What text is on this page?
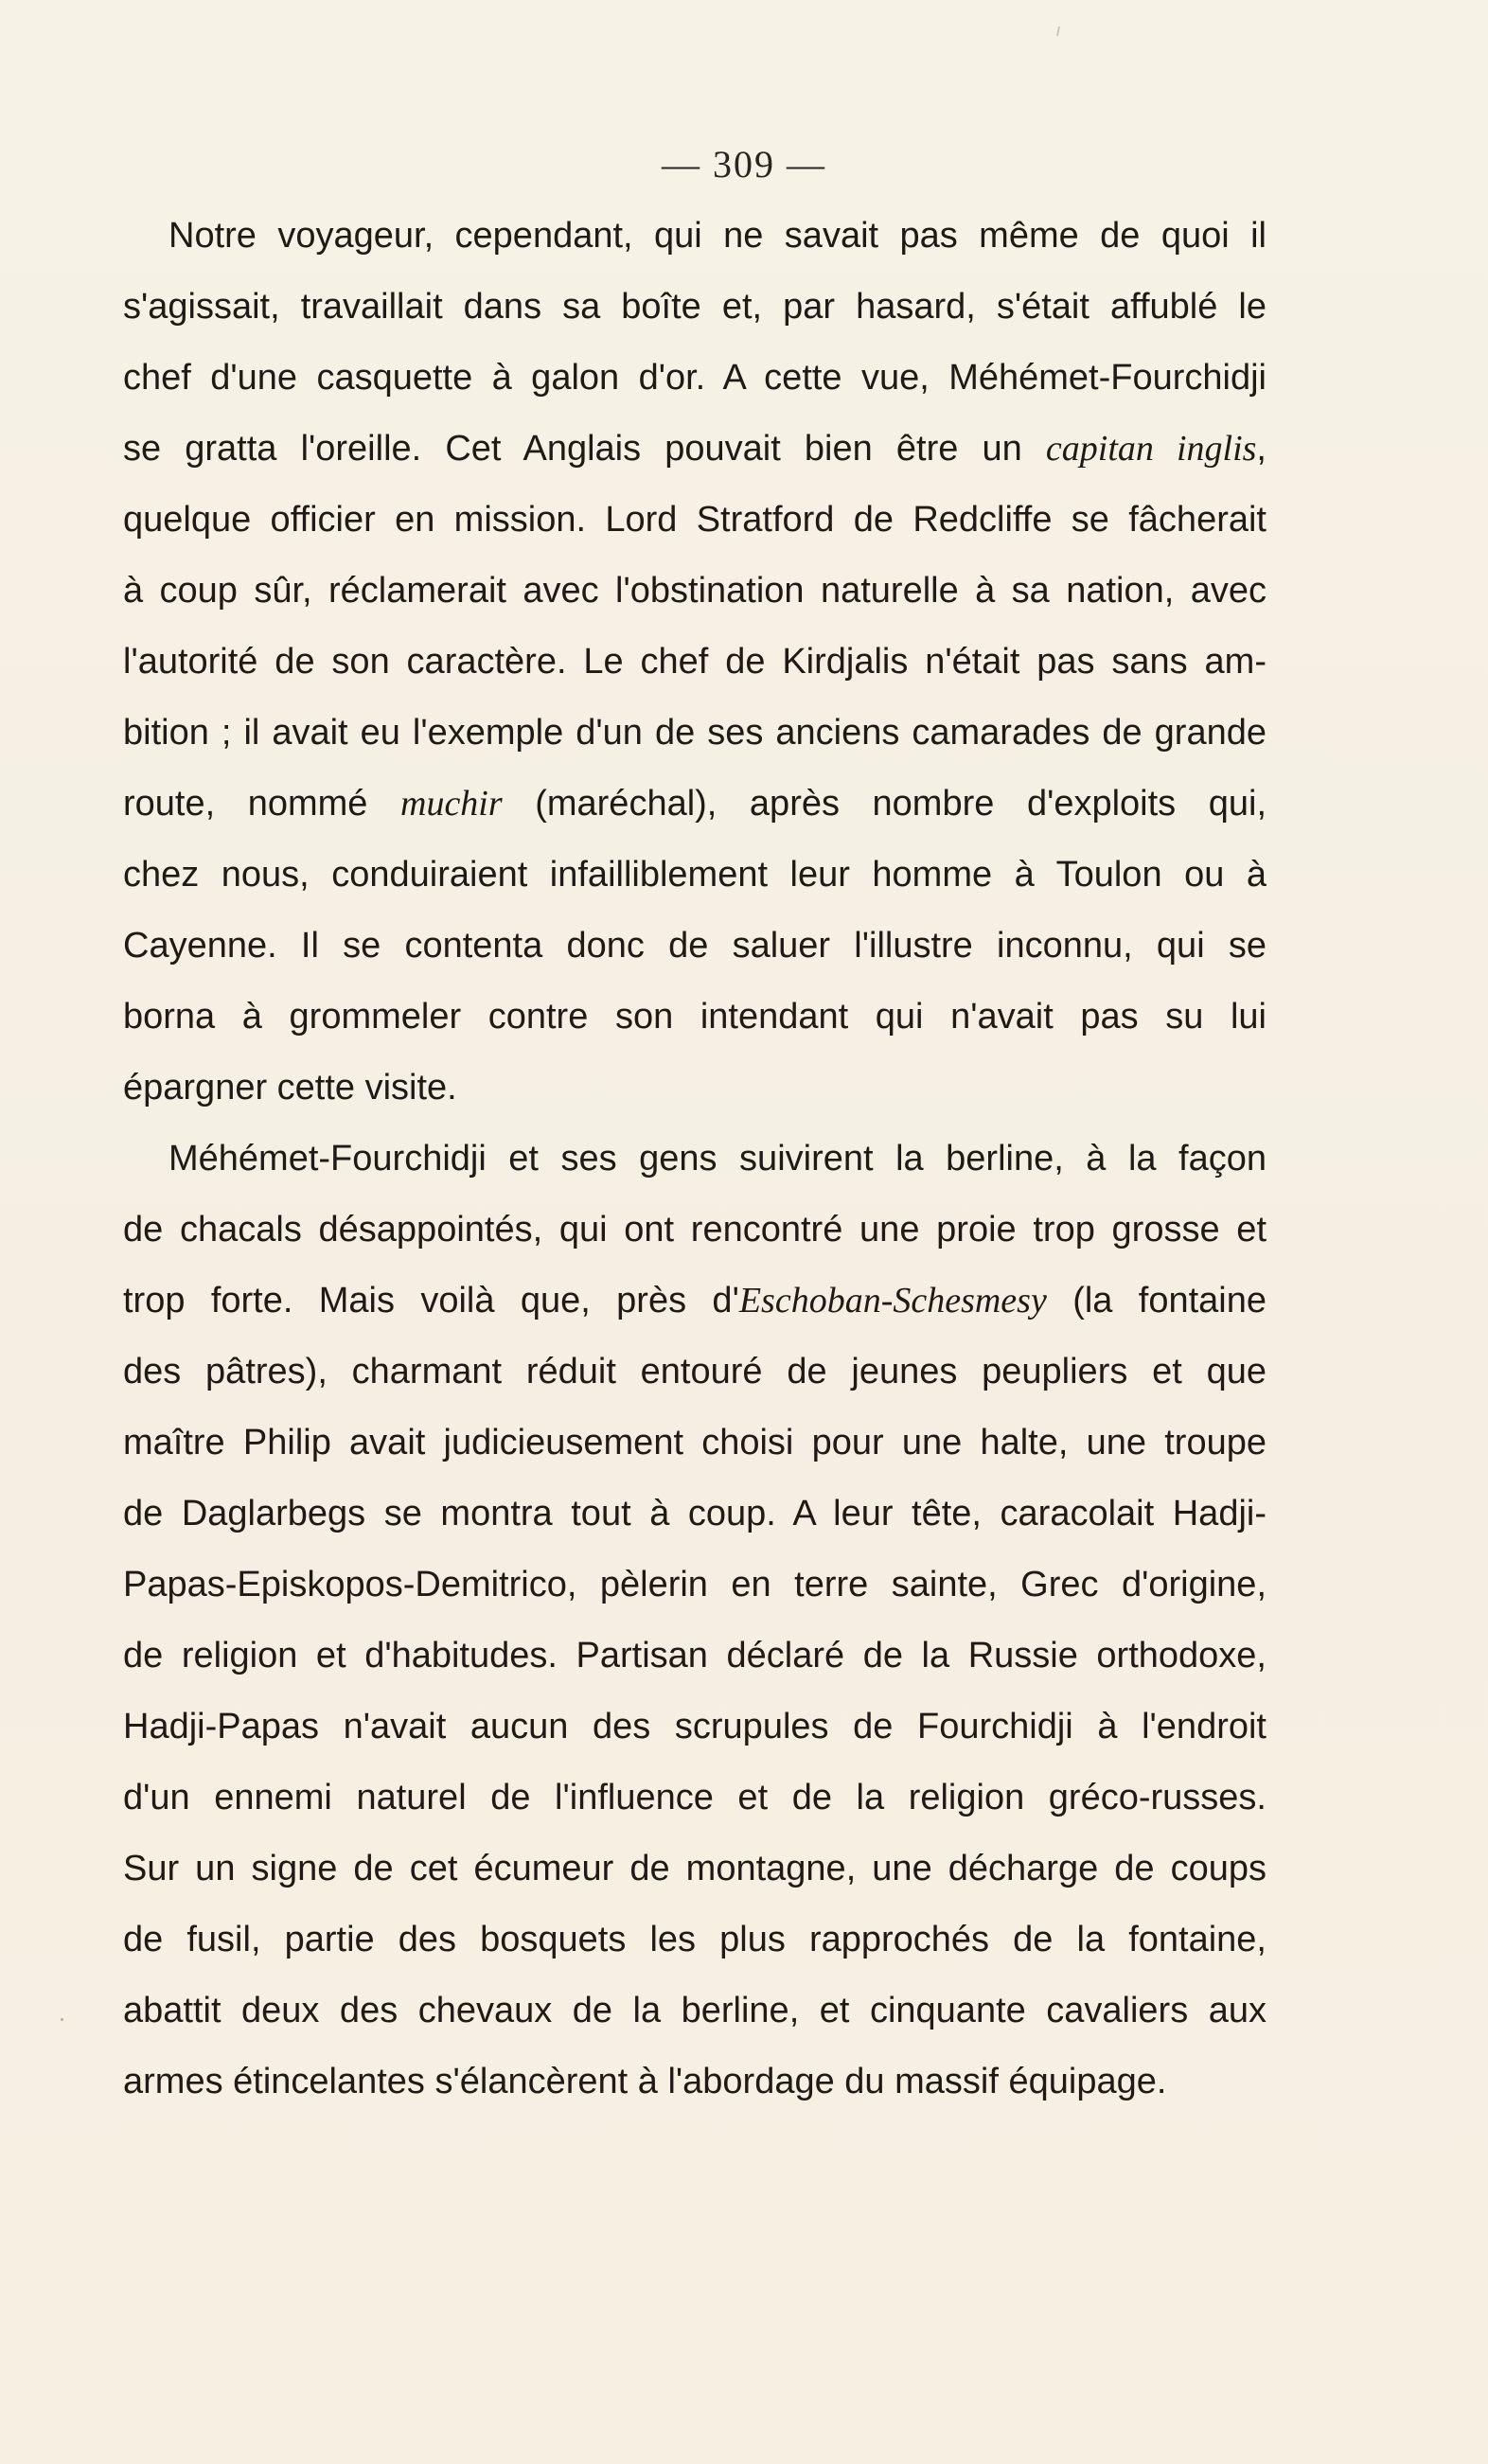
— 309 —
Notre voyageur, cependant, qui ne savait pas même de quoi il
s'agissait, travaillait dans sa boîte et, par hasard, s'était affublé le
chef d'une casquette à galon d'or. A cette vue, Méhémet-Fourchidji
se gratta l'oreille. Cet Anglais pouvait bien être un capitan inglis,
quelque officier en mission. Lord Stratford de Redcliffe se fâcherait
à coup sûr, réclamerait avec l'obstination naturelle à sa nation, avec
l'autorité de son caractère. Le chef de Kirdjalis n'était pas sans am-
bition ; il avait eu l'exemple d'un de ses anciens camarades de grande
route, nommé muchir (maréchal), après nombre d'exploits qui,
chez nous, conduiraient infailliblement leur homme à Toulon ou à
Cayenne. Il se contenta donc de saluer l'illustre inconnu, qui se
borna à grommeler contre son intendant qui n'avait pas su lui
épargner cette visite.
Méhémet-Fourchidji et ses gens suivirent la berline, à la façon
de chacals désappointés, qui ont rencontré une proie trop grosse et
trop forte. Mais voilà que, près d'Eschoban-Schesmesy (la fontaine
des pâtres), charmant réduit entouré de jeunes peupliers et que
maître Philip avait judicieusement choisi pour une halte, une troupe
de Daglarbegs se montra tout à coup. A leur tête, caracolait Hadji-
Papas-Episkopos-Demitrico, pèlerin en terre sainte, Grec d'origine,
de religion et d'habitudes. Partisan déclaré de la Russie orthodoxe,
Hadji-Papas n'avait aucun des scrupules de Fourchidji à l'endroit
d'un ennemi naturel de l'influence et de la religion gréco-russes.
Sur un signe de cet écumeur de montagne, une décharge de coups
de fusil, partie des bosquets les plus rapprochés de la fontaine,
abattit deux des chevaux de la berline, et cinquante cavaliers aux
armes étincelantes s'élancèrent à l'abordage du massif équipage.
